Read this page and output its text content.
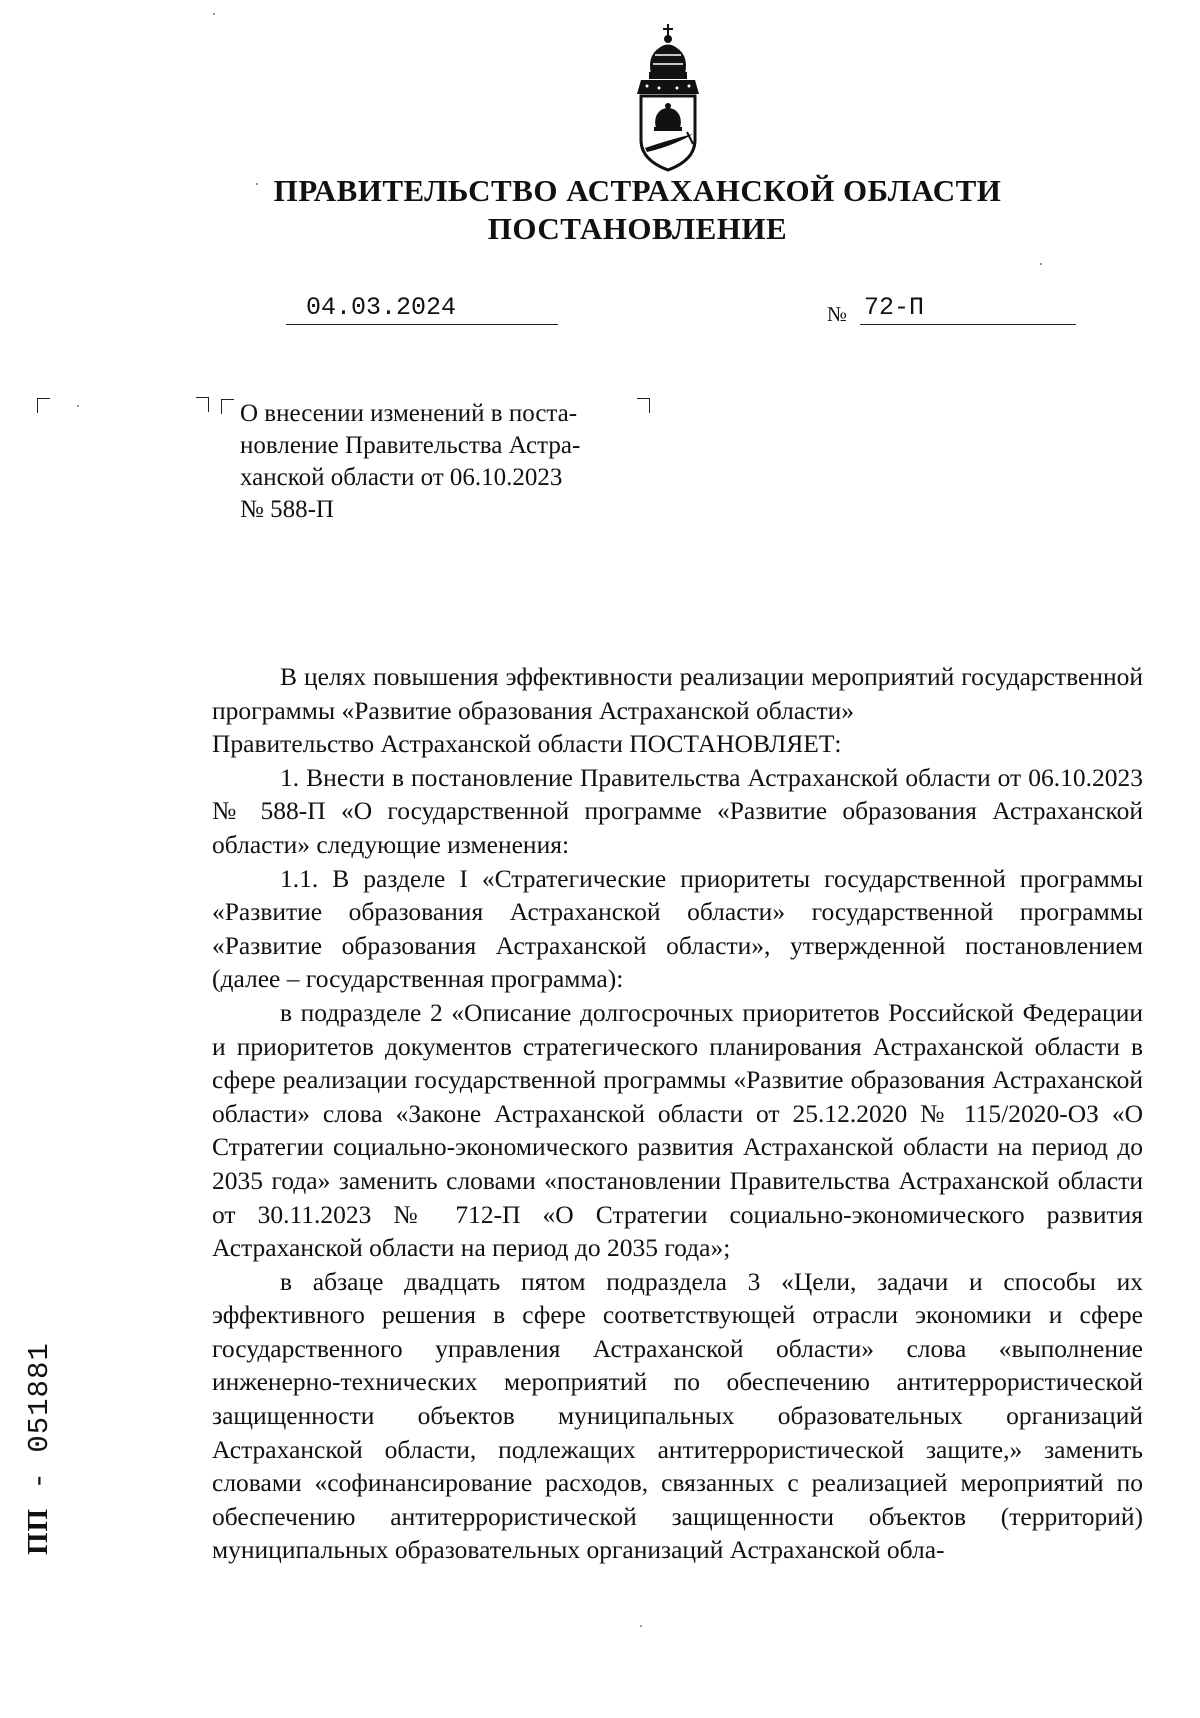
ПРАВИТЕЛЬСТВО АСТРАХАНСКОЙ ОБЛАСТИ
ПОСТАНОВЛЕНИЕ
04.03.2024	№ 72-П

О внесении изменений в поста-

новление Правительства Астра-

ханской области от 06.10.2023

№ 588-П

В целях повышения эффективности реализации мероприятий государственной программы «Развитие образования Астраханской области»

Правительство Астраханской области ПОСТАНОВЛЯЕТ:

1. Внести в постановление Правительства Астраханской области от 06.10.2023 № 588-П «О государственной программе «Развитие образования Астраханской области» следующие изменения:

1.1. В разделе I «Стратегические приоритеты государственной программы «Развитие образования Астраханской области» государственной программы «Развитие образования Астраханской области», утвержденной постановлением (далее – государственная программа):

в подразделе 2 «Описание долгосрочных приоритетов Российской Федерации и приоритетов документов стратегического планирования Астраханской области в сфере реализации государственной программы «Развитие образования Астраханской области» слова «Законе Астраханской области от 25.12.2020 № 115/2020-ОЗ «О Стратегии социально-экономического развития Астраханской области на период до 2035 года» заменить словами «постановлении Правительства Астраханской области от 30.11.2023 № 712-П «О Стратегии социально-экономического развития Астраханской области на период до 2035 года»;

в абзаце двадцать пятом подраздела 3 «Цели, задачи и способы их эффективного решения в сфере соответствующей отрасли экономики и сфере государственного управления Астраханской области» слова «выполнение инженерно-технических мероприятий по обеспечению антитеррористической защищенности объектов муниципальных образовательных организаций Астраханской области, подлежащих антитеррористической защите,» заменить словами «софинансирование расходов, связанных с реализацией мероприятий по обеспечению антитеррористической защищенности объектов (территорий) муниципальных образовательных организаций Астраханской обла-

ПП - 051881
